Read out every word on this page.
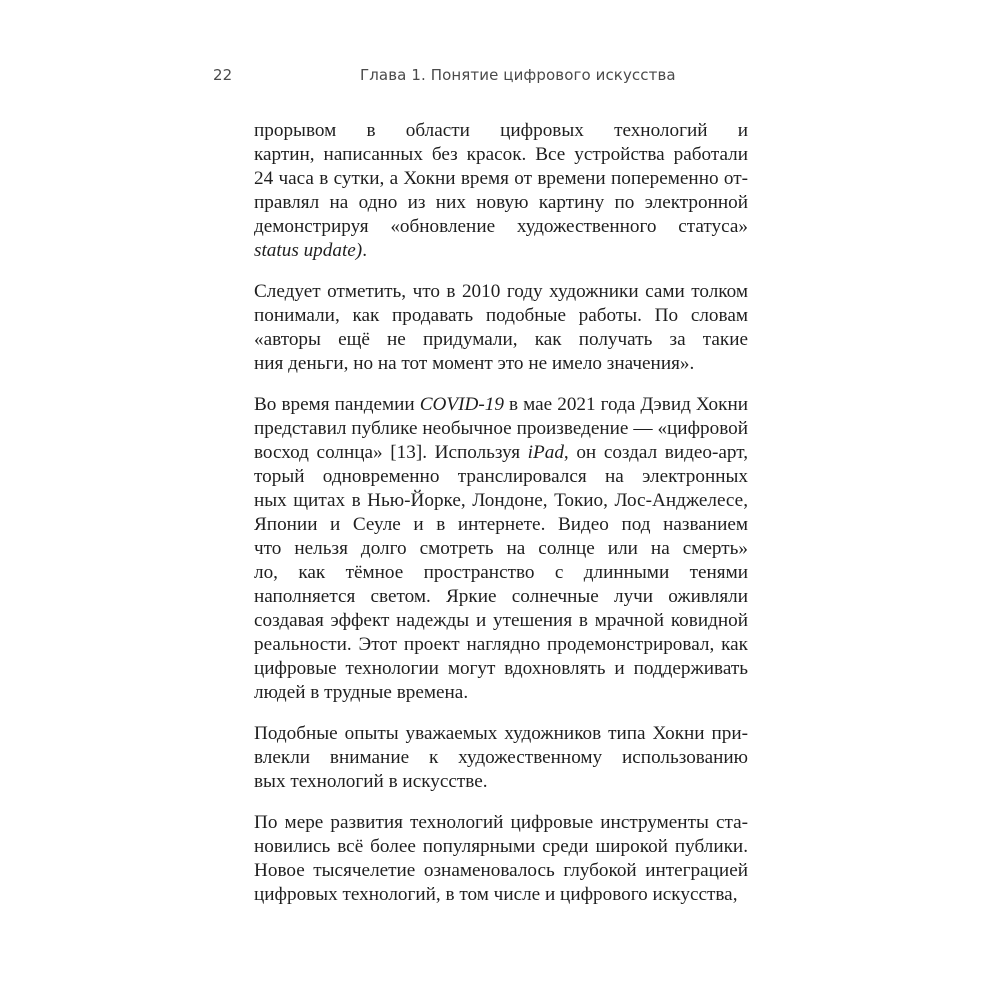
22	Глава 1. Понятие цифрового искусства
прорывом в области цифровых технологий и
картин, написанных без красок. Все устройства работали
24 часа в сутки, а Хокни время от времени попеременно от-
правлял на одно из них новую картину по электронной
демонстрируя «обновление художественного статуса»
status update).
Следует отметить, что в 2010 году художники сами толком
понимали, как продавать подобные работы. По словам
«авторы ещё не придумали, как получать за такие
ния деньги, но на тот момент это не имело значения».
Во время пандемии COVID-19 в мае 2021 года Дэвид Хокни
представил публике необычное произведение — «цифровой
восход солнца» [13]. Используя iPad, он создал видео-арт,
торый одновременно транслировался на электронных
ных щитах в Нью-Йорке, Лондоне, Токио, Лос-Анджелесе,
Японии и Сеуле и в интернете. Видео под названием
что нельзя долго смотреть на солнце или на смерть»
ло, как тёмное пространство с длинными тенями
наполняется светом. Яркие солнечные лучи оживляли
создавая эффект надежды и утешения в мрачной ковидной
реальности. Этот проект наглядно продемонстрировал, как
цифровые технологии могут вдохновлять и поддерживать
людей в трудные времена.
Подобные опыты уважаемых художников типа Хокни при-
влекли внимание к художественному использованию
вых технологий в искусстве.
По мере развития технологий цифровые инструменты ста-
новились всё более популярными среди широкой публики.
Новое тысячелетие ознаменовалось глубокой интеграцией
цифровых технологий, в том числе и цифрового искусства,
